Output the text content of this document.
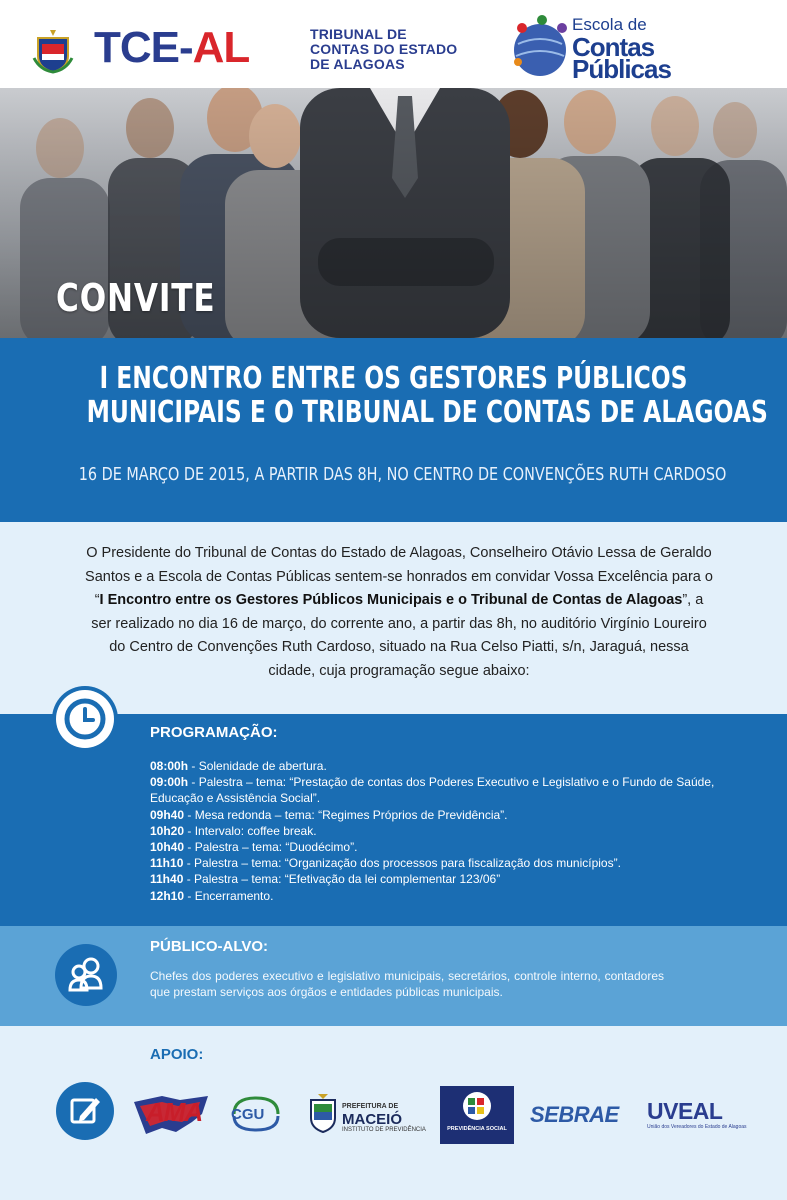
TCE-AL	TRIBUNAL DE
CONTAS DO ESTADO
DE ALAGOAS
Escola de
Contas
Públicas
CONVITE
I ENCONTRO ENTRE OS GESTORES PÚBLICOS
MUNICIPAIS E O TRIBUNAL DE CONTAS DE ALAGOAS
16 DE MARÇO DE 2015, A PARTIR DAS 8H, NO CENTRO DE CONVENÇÕES RUTH CARDOSO
O Presidente do Tribunal de Contas do Estado de Alagoas, Conselheiro Otávio Lessa de Geraldo Santos e a Escola de Contas Públicas sentem-se honrados em convidar Vossa Excelência para o “I Encontro entre os Gestores Públicos Municipais e o Tribunal de Contas de Alagoas”, a ser realizado no dia 16 de março, do corrente ano, a partir das 8h, no auditório Virgínio Loureiro do Centro de Convenções Ruth Cardoso, situado na Rua Celso Piatti, s/n, Jaraguá, nessa cidade, cuja programação segue abaixo:
PROGRAMAÇÃO:
08:00h - Solenidade de abertura.
09:00h - Palestra – tema: “Prestação de contas dos Poderes Executivo e Legislativo e o Fundo de Saúde, Educação e Assistência Social”.
09h40 - Mesa redonda – tema: “Regimes Próprios de Previdência”.
10h20 - Intervalo: coffee break.
10h40 - Palestra – tema: “Duodécimo”.
11h10 - Palestra – tema: “Organização dos processos para fiscalização dos municípios”.
11h40 - Palestra – tema: “Efetivação da lei complementar 123/06”
12h10 - Encerramento.
PÚBLICO-ALVO:
Chefes dos poderes executivo e legislativo municipais, secretários, controle interno, contadores que prestam serviços aos órgãos e entidades públicas municipais.
APOIO:
AMA CGU	PREFEITURA DE
MACEIÓ
INSTITUTO DE PREVIDÊNCIA	PREVIDÊNCIA SOCIAL
SEBRAE UVEAL
União dos Vereadores do Estado de Alagoas
